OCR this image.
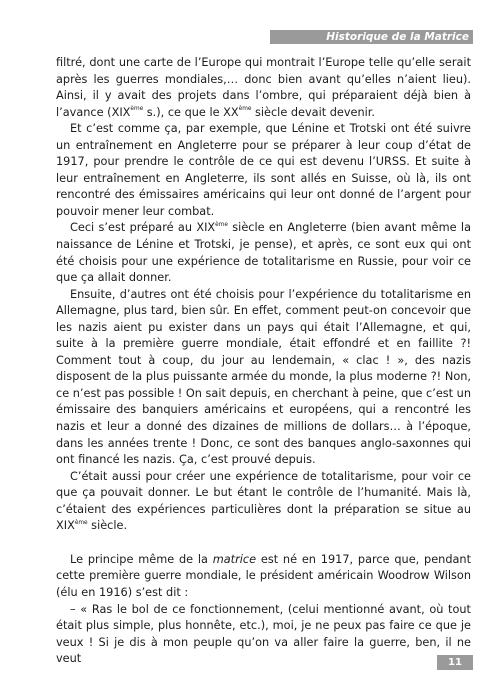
Historique de la Matrice

filtré, dont une carte de l’Europe qui montrait l’Europe telle qu’elle serait après les guerres mondiales,… donc bien avant qu’elles n’aient lieu). Ainsi, il y avait des projets dans l’ombre, qui préparaient déjà bien à l’avance (XIXème s.), ce que le XXème siècle devait devenir.

Et c’est comme ça, par exemple, que Lénine et Trotski ont été suivre un entraînement en Angleterre pour se préparer à leur coup d’état de 1917, pour prendre le contrôle de ce qui est devenu l’URSS. Et suite à leur entraînement en Angleterre, ils sont allés en Suisse, où là, ils ont rencontré des émissaires américains qui leur ont donné de l’argent pour pouvoir mener leur combat.

Ceci s’est préparé au XIXème siècle en Angleterre (bien avant même la naissance de Lénine et Trotski, je pense), et après, ce sont eux qui ont été choisis pour une expérience de totalitarisme en Russie, pour voir ce que ça allait donner.

Ensuite, d’autres ont été choisis pour l’expérience du totalitarisme en Allemagne, plus tard, bien sûr. En effet, comment peut-on concevoir que les nazis aient pu exister dans un pays qui était l’Allemagne, et qui, suite à la première guerre mondiale, était effondré et en faillite ?! Comment tout à coup, du jour au lendemain, « clac ! », des nazis disposent de la plus puissante armée du monde, la plus moderne ?! Non, ce n’est pas possible ! On sait depuis, en cherchant à peine, que c’est un émissaire des banquiers américains et européens, qui a rencontré les nazis et leur a donné des dizaines de millions de dollars… à l’époque, dans les années trente ! Donc, ce sont des banques anglo-saxonnes qui ont financé les nazis. Ça, c’est prouvé depuis.

C’était aussi pour créer une expérience de totalitarisme, pour voir ce que ça pouvait donner. Le but étant le contrôle de l’humanité. Mais là, c’étaient des expériences particulières dont la préparation se situe au XIXème siècle.

Le principe même de la matrice est né en 1917, parce que, pendant cette première guerre mondiale, le président américain Woodrow Wilson (élu en 1916) s’est dit :

– « Ras le bol de ce fonctionnement, (celui mentionné avant, où tout était plus simple, plus honnête, etc.), moi, je ne peux pas faire ce que je veux ! Si je dis à mon peuple qu’on va aller faire la guerre, ben, il ne veut	11
